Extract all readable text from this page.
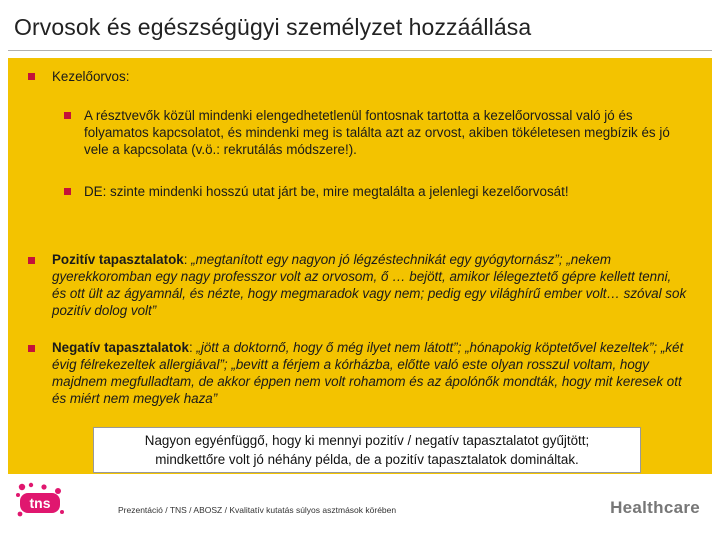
Orvosok és egészségügyi személyzet hozzáállása
Kezelőorvos:
A résztvevők közül mindenki elengedhetetlenül fontosnak tartotta a kezelőorvossal való jó és folyamatos kapcsolatot, és mindenki meg is találta azt az orvost, akiben tökéletesen megbízik és jó vele a kapcsolata (v.ö.: rekrutálás módszere!).
DE: szinte mindenki hosszú utat járt be, mire megtalálta a jelenlegi kezelőorvosát!
Pozitív tapasztalatok: „megtanított egy nagyon jó légzéstechnikát egy gyógytornász”; „nekem gyerekkoromban egy nagy professzor volt az orvosom, ő … bejött, amikor lélegeztető gépre kellett tenni, és ott ült az ágyamnál, és nézte, hogy megmaradok vagy nem; pedig egy világhírű ember volt… szóval sok pozitív dolog volt”
Negatív tapasztalatok: „jött a doktornő, hogy ő még ilyet nem látott”; „hónapokig köptetővel kezeltek”; „két évig félrekezeltek allergiával”; „bevitt a férjem a kórházba, előtte való este olyan rosszul voltam, hogy majdnem megfulladtam, de akkor éppen nem volt rohamom és az ápolónők mondták, hogy mit keresek ott és miért nem megyek haza”
Nagyon egyénfüggő, hogy ki mennyi pozitív / negatív tapasztalatot gyűjtött;
mindkettőre volt jó néhány példa, de a pozitív tapasztalatok domináltak.
tns	Prezentáció / TNS / ABOSZ / Kvalitatív kutatás súlyos asztmások körében	Healthcare
